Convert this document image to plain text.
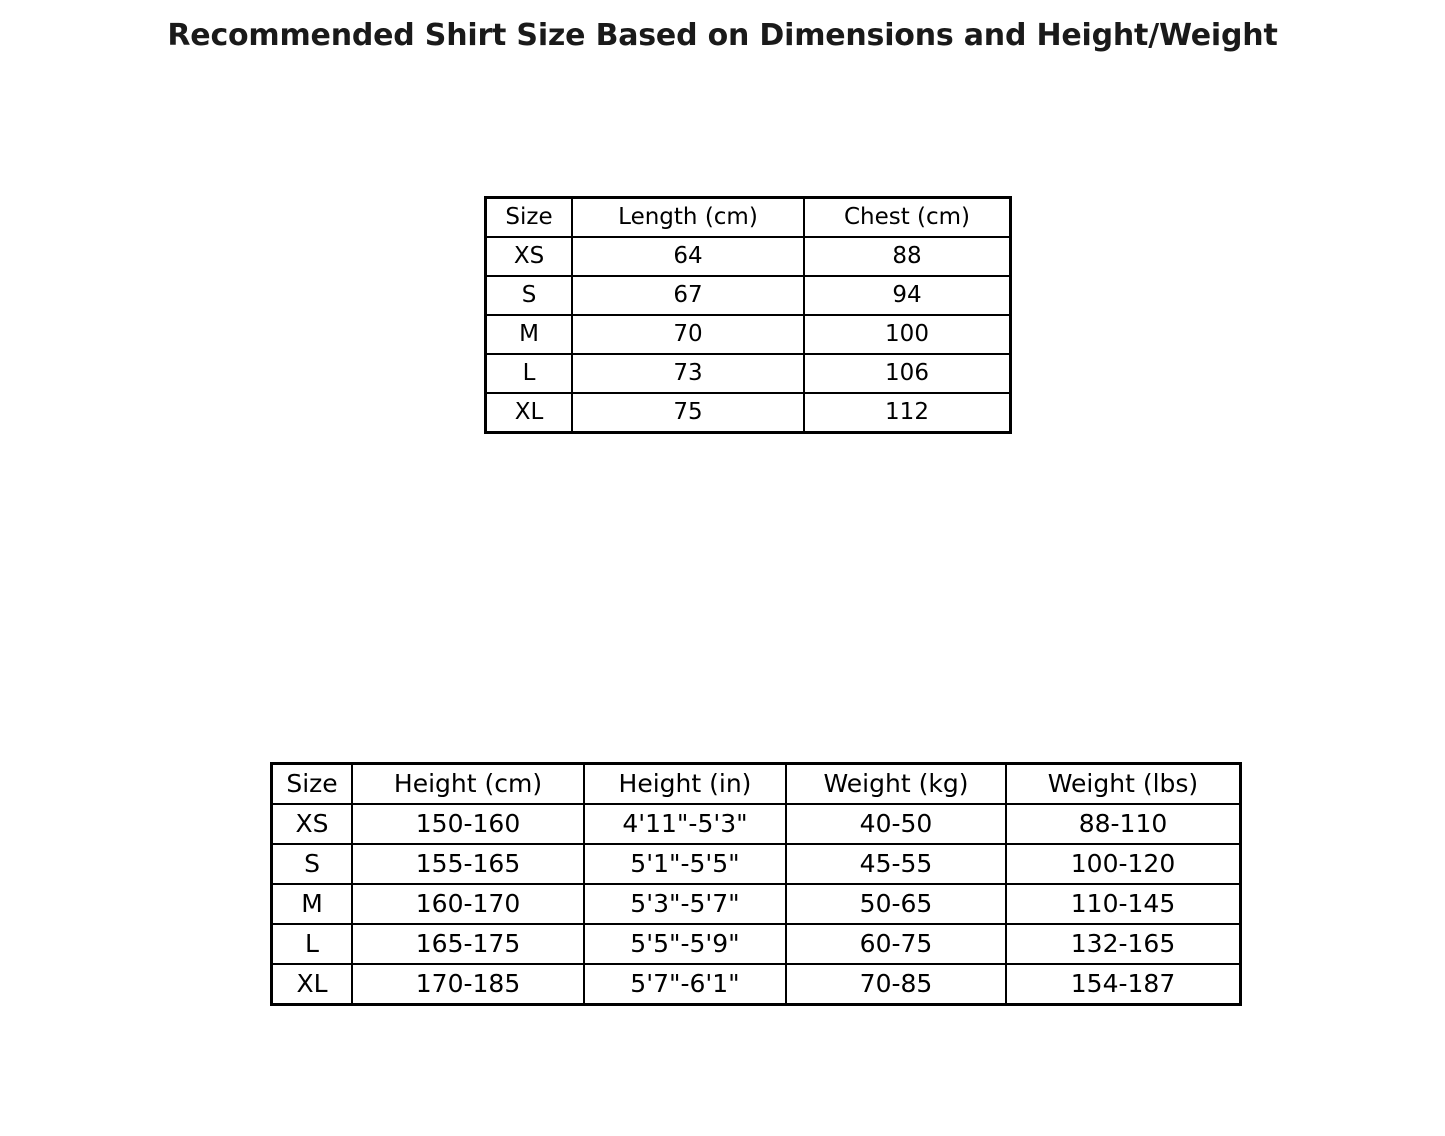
Recommended Shirt Size Based on Dimensions and Height/Weight
Size	Length (cm)	Chest (cm)
XS	64	88
S	67	94
M	70	100
L	73	106
XL	75	112
Size	Height (cm)	Height (in)	Weight (kg)	Weight (lbs)
XS	150-160	4'11"-5'3"	40-50	88-110
S	155-165	5'1"-5'5"	45-55	100-120
M	160-170	5'3"-5'7"	50-65	110-145
L	165-175	5'5"-5'9"	60-75	132-165
XL	170-185	5'7"-6'1"	70-85	154-187
